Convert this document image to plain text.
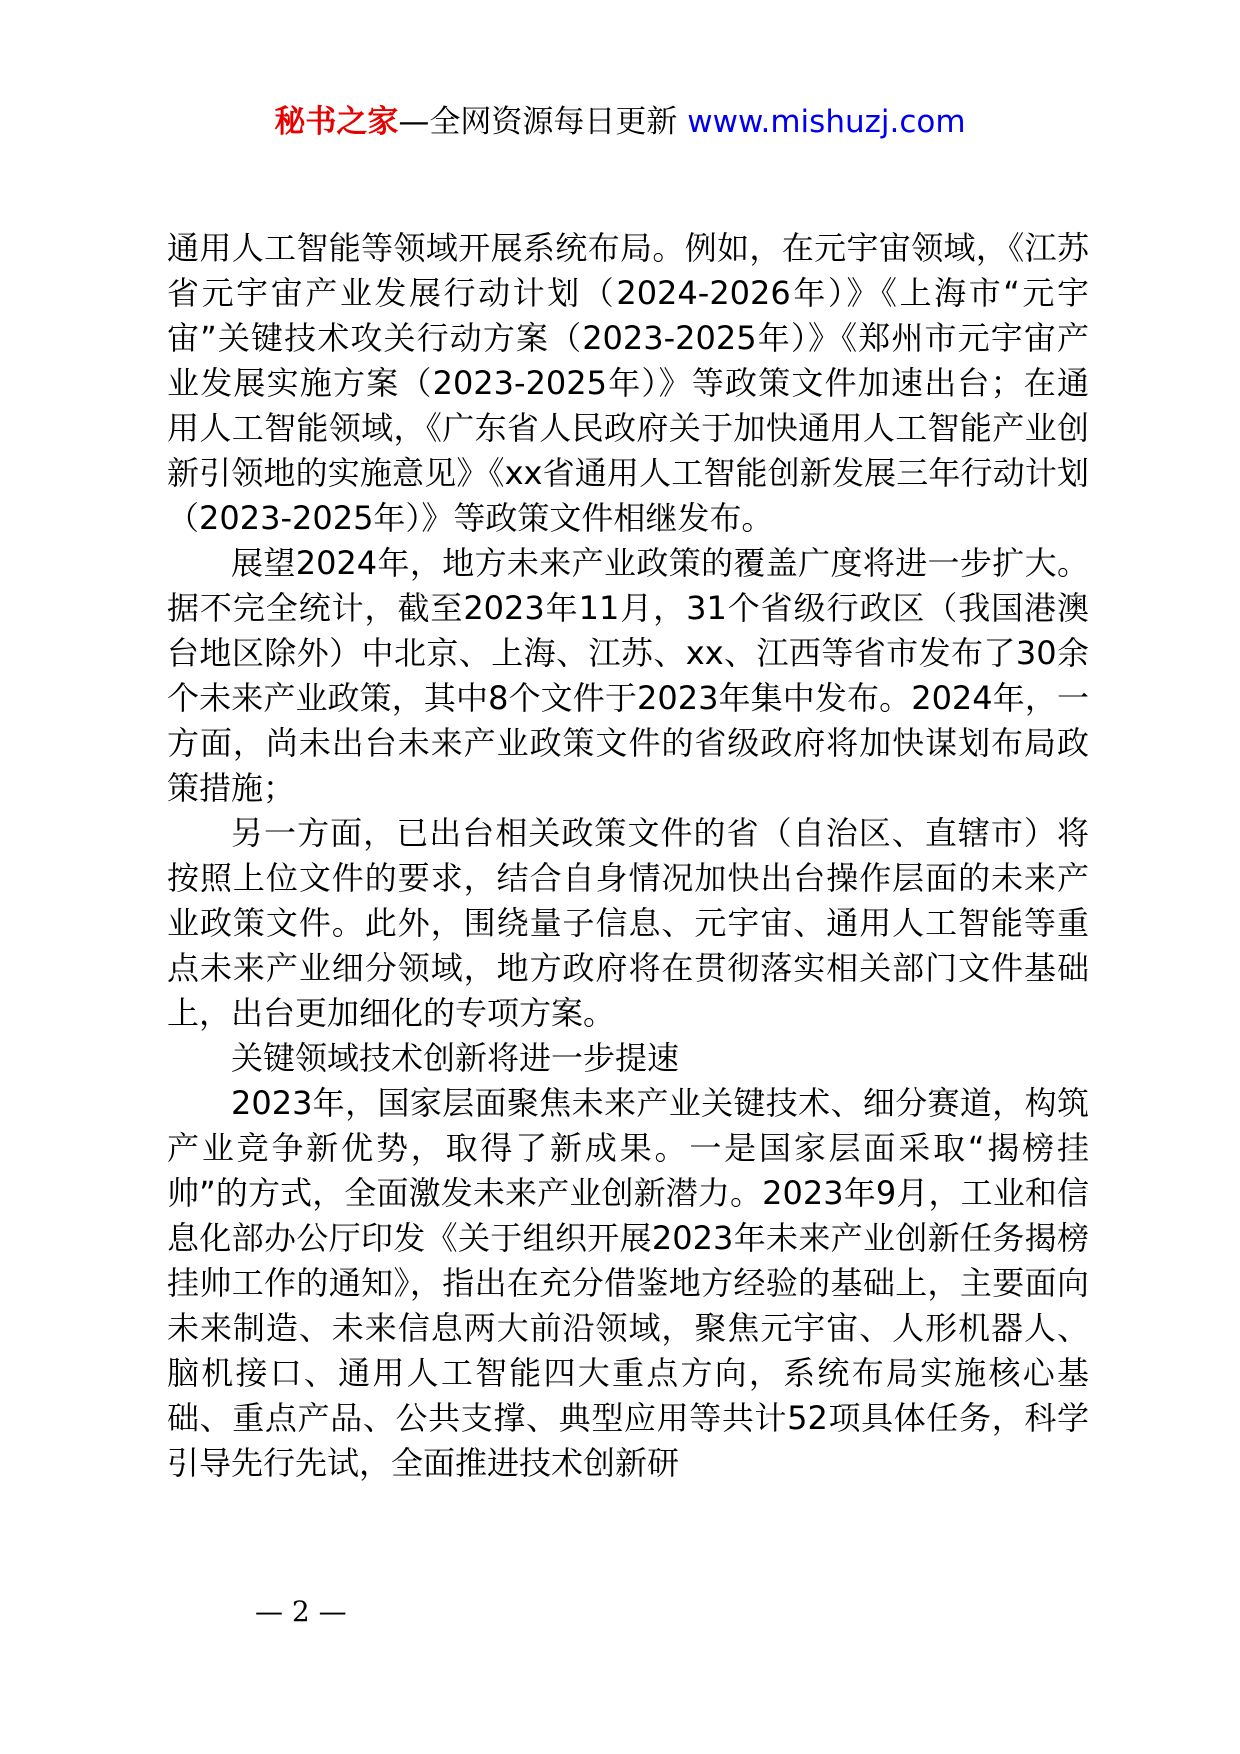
秘书之家—全网资源每日更新 www.mishuzj.com

通用人工智能等领域开展系统布局。例如，在元宇宙领域，《江苏省元宇宙产业发展行动计划（2024-2026年）》《上海市“元宇宙”关键技术攻关行动方案（2023-2025年）》《郑州市元宇宙产业发展实施方案（2023-2025年）》等政策文件加速出台；在通用人工智能领域，《广东省人民政府关于加快通用人工智能产业创新引领地的实施意见》《xx省通用人工智能创新发展三年行动计划（2023-2025年）》等政策文件相继发布。

展望2024年，地方未来产业政策的覆盖广度将进一步扩大。据不完全统计，截至2023年11月，31个省级行政区（我国港澳台地区除外）中北京、上海、江苏、xx、江西等省市发布了30余个未来产业政策，其中8个文件于2023年集中发布。2024年，一方面，尚未出台未来产业政策文件的省级政府将加快谋划布局政策措施；

另一方面，已出台相关政策文件的省（自治区、直辖市）将按照上位文件的要求，结合自身情况加快出台操作层面的未来产业政策文件。此外，围绕量子信息、元宇宙、通用人工智能等重点未来产业细分领域，地方政府将在贯彻落实相关部门文件基础上，出台更加细化的专项方案。

关键领域技术创新将进一步提速

2023年，国家层面聚焦未来产业关键技术、细分赛道，构筑产业竞争新优势，取得了新成果。一是国家层面采取“揭榜挂帅”的方式，全面激发未来产业创新潜力。2023年9月，工业和信息化部办公厅印发《关于组织开展2023年未来产业创新任务揭榜挂帅工作的通知》，指出在充分借鉴地方经验的基础上，主要面向未来制造、未来信息两大前沿领域，聚焦元宇宙、人形机器人、脑机接口、通用人工智能四大重点方向，系统布局实施核心基础、重点产品、公共支撑、典型应用等共计52项具体任务，科学引导先行先试，全面推进技术创新研

— 2 —
